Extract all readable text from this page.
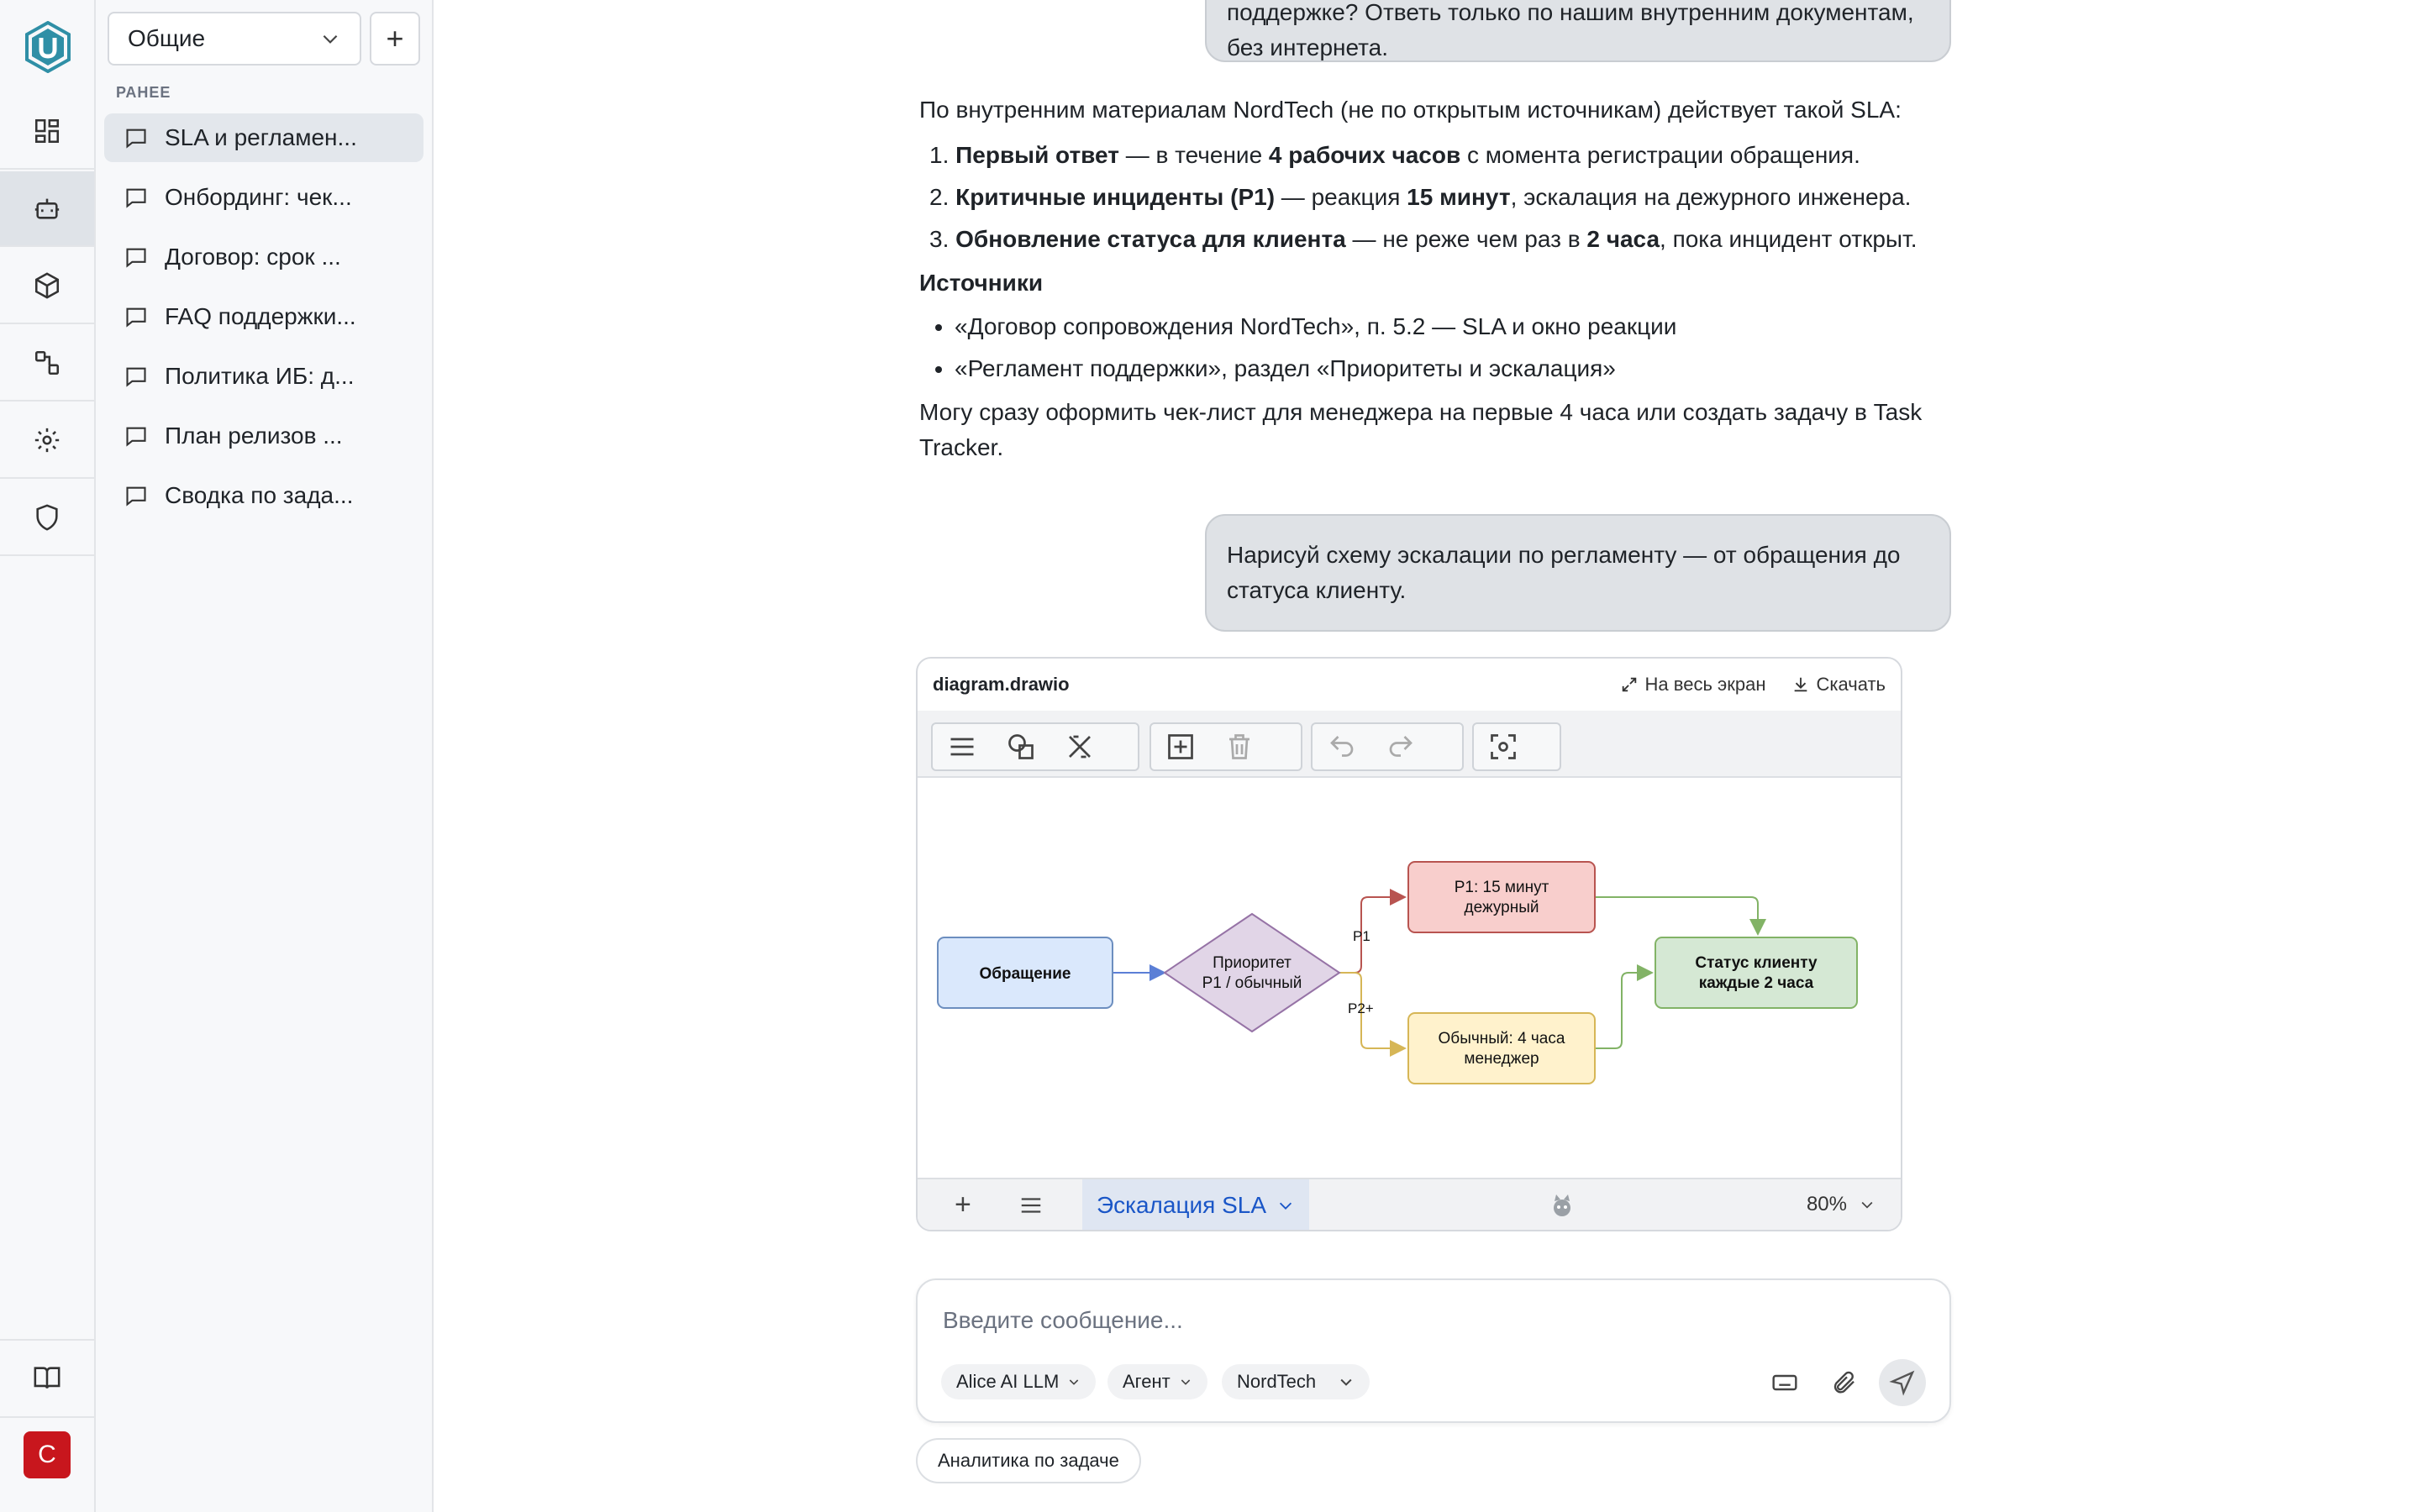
С
Общие	+
РАНЕЕ
SLA и регламен...
Онбординг: чек...
Договор: срок ...
FAQ поддержки...
Политика ИБ: д...
План релизов ...
Сводка по зада...
поддержке? Ответь только по нашим внутренним документам, без интернета.

По внутренним материалам NordTech (не по открытым источникам) действует такой SLA:

1. Первый ответ — в течение 4 рабочих часов с момента регистрации обращения.
2. Критичные инциденты (P1) — реакция 15 минут, эскалация на дежурного инженера.
3. Обновление статуса для клиента — не реже чем раз в 2 часа, пока инцидент открыт.

Источники

• «Договор сопровождения NordTech», п. 5.2 — SLA и окно реакции
• «Регламент поддержки», раздел «Приоритеты и эскалация»

Могу сразу оформить чек-лист для менеджера на первые 4 часа или создать задачу в Task Tracker.

Нарисуй схему эскалации по регламенту — от обращения до статуса клиенту.
diagram.drawio	На весь экран	Скачать
P1
P2+
Обращение
Приоритет
P1 / обычный
P1: 15 минут
дежурный
Обычный: 4 часа
менеджер
Статус клиенту
каждые 2 часа
+	Эскалация SLA	80%
Введите сообщение...
Alice AI LLM	Агент	NordTech
Аналитика по задаче
